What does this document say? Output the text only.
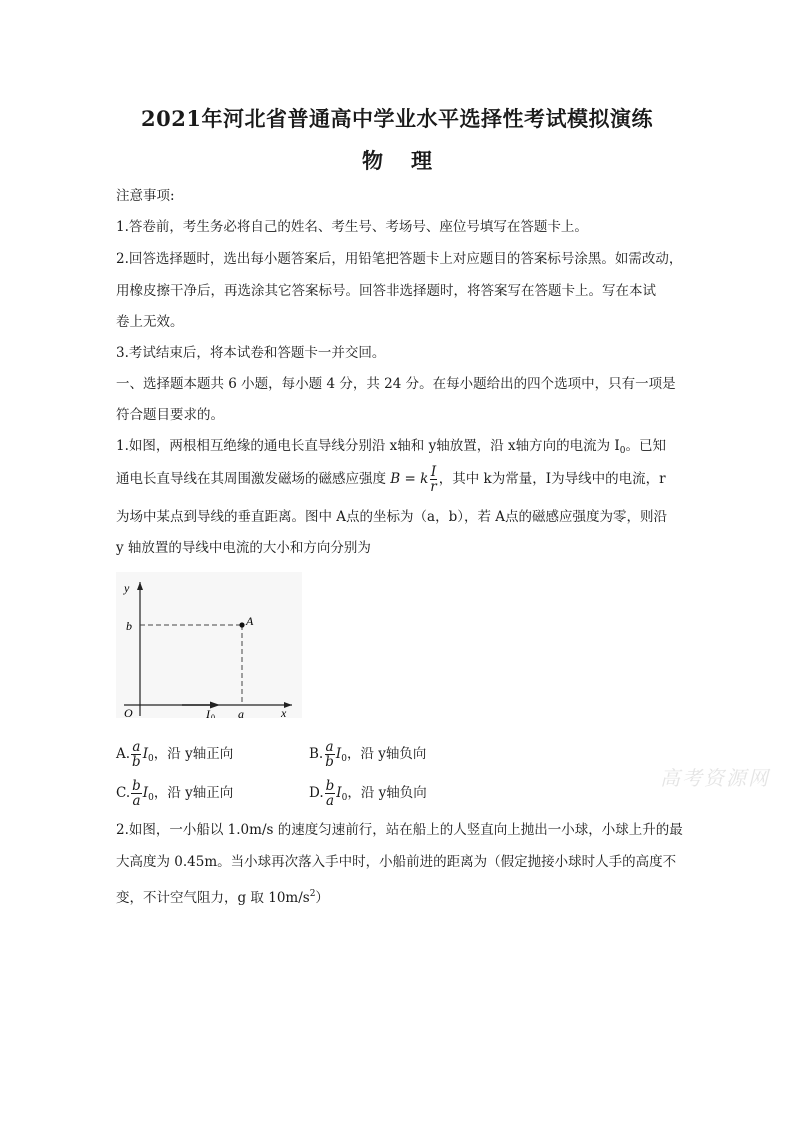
2021年河北省普通高中学业水平选择性考试模拟演练
物理
注意事项:
1.答卷前，考生务必将自己的姓名、考生号、考场号、座位号填写在答题卡上。
2.回答选择题时，选出每小题答案后，用铅笔把答题卡上对应题目的答案标号涂黑。如需改动，
用橡皮擦干净后，再选涂其它答案标号。回答非选择题时，将答案写在答题卡上。写在本试
卷上无效。
3.考试结束后，将本试卷和答题卡一并交回。
一、选择题本题共 6 小题，每小题 4 分，共 24 分。在每小题给出的四个选项中，只有一项是
符合题目要求的。
1.如图，两根相互绝缘的通电长直导线分别沿 x轴和 y轴放置，沿 x轴方向的电流为 $I_0$。已知
通电长直导线在其周围激发磁场的磁感应强度 B = k $\frac{I}{r}$ ，其中 k为常量，I为导线中的电流，r
为场中某点到导线的垂直距离。图中 A点的坐标为（a，b），若 A点的磁感应强度为零，则沿
y 轴放置的导线中电流的大小和方向分别为
y
x
O
b
a
A
I 0
A. $\frac{a}{b} I_0$，沿 y轴正向	B. $\frac{a}{b} I_0$，沿 y轴负向
C. $\frac{b}{a} I_0$，沿 y轴正向	D. $\frac{b}{a} I_0$，沿 y轴负向
2.如图，一小船以 1.0m/s 的速度匀速前行，站在船上的人竖直向上抛出一小球，小球上升的最
大高度为 0.45m。当小球再次落入手中时，小船前进的距离为（假定抛接小球时人手的高度不
变，不计空气阻力，g 取 $10m/s^2$）
高考资源网
